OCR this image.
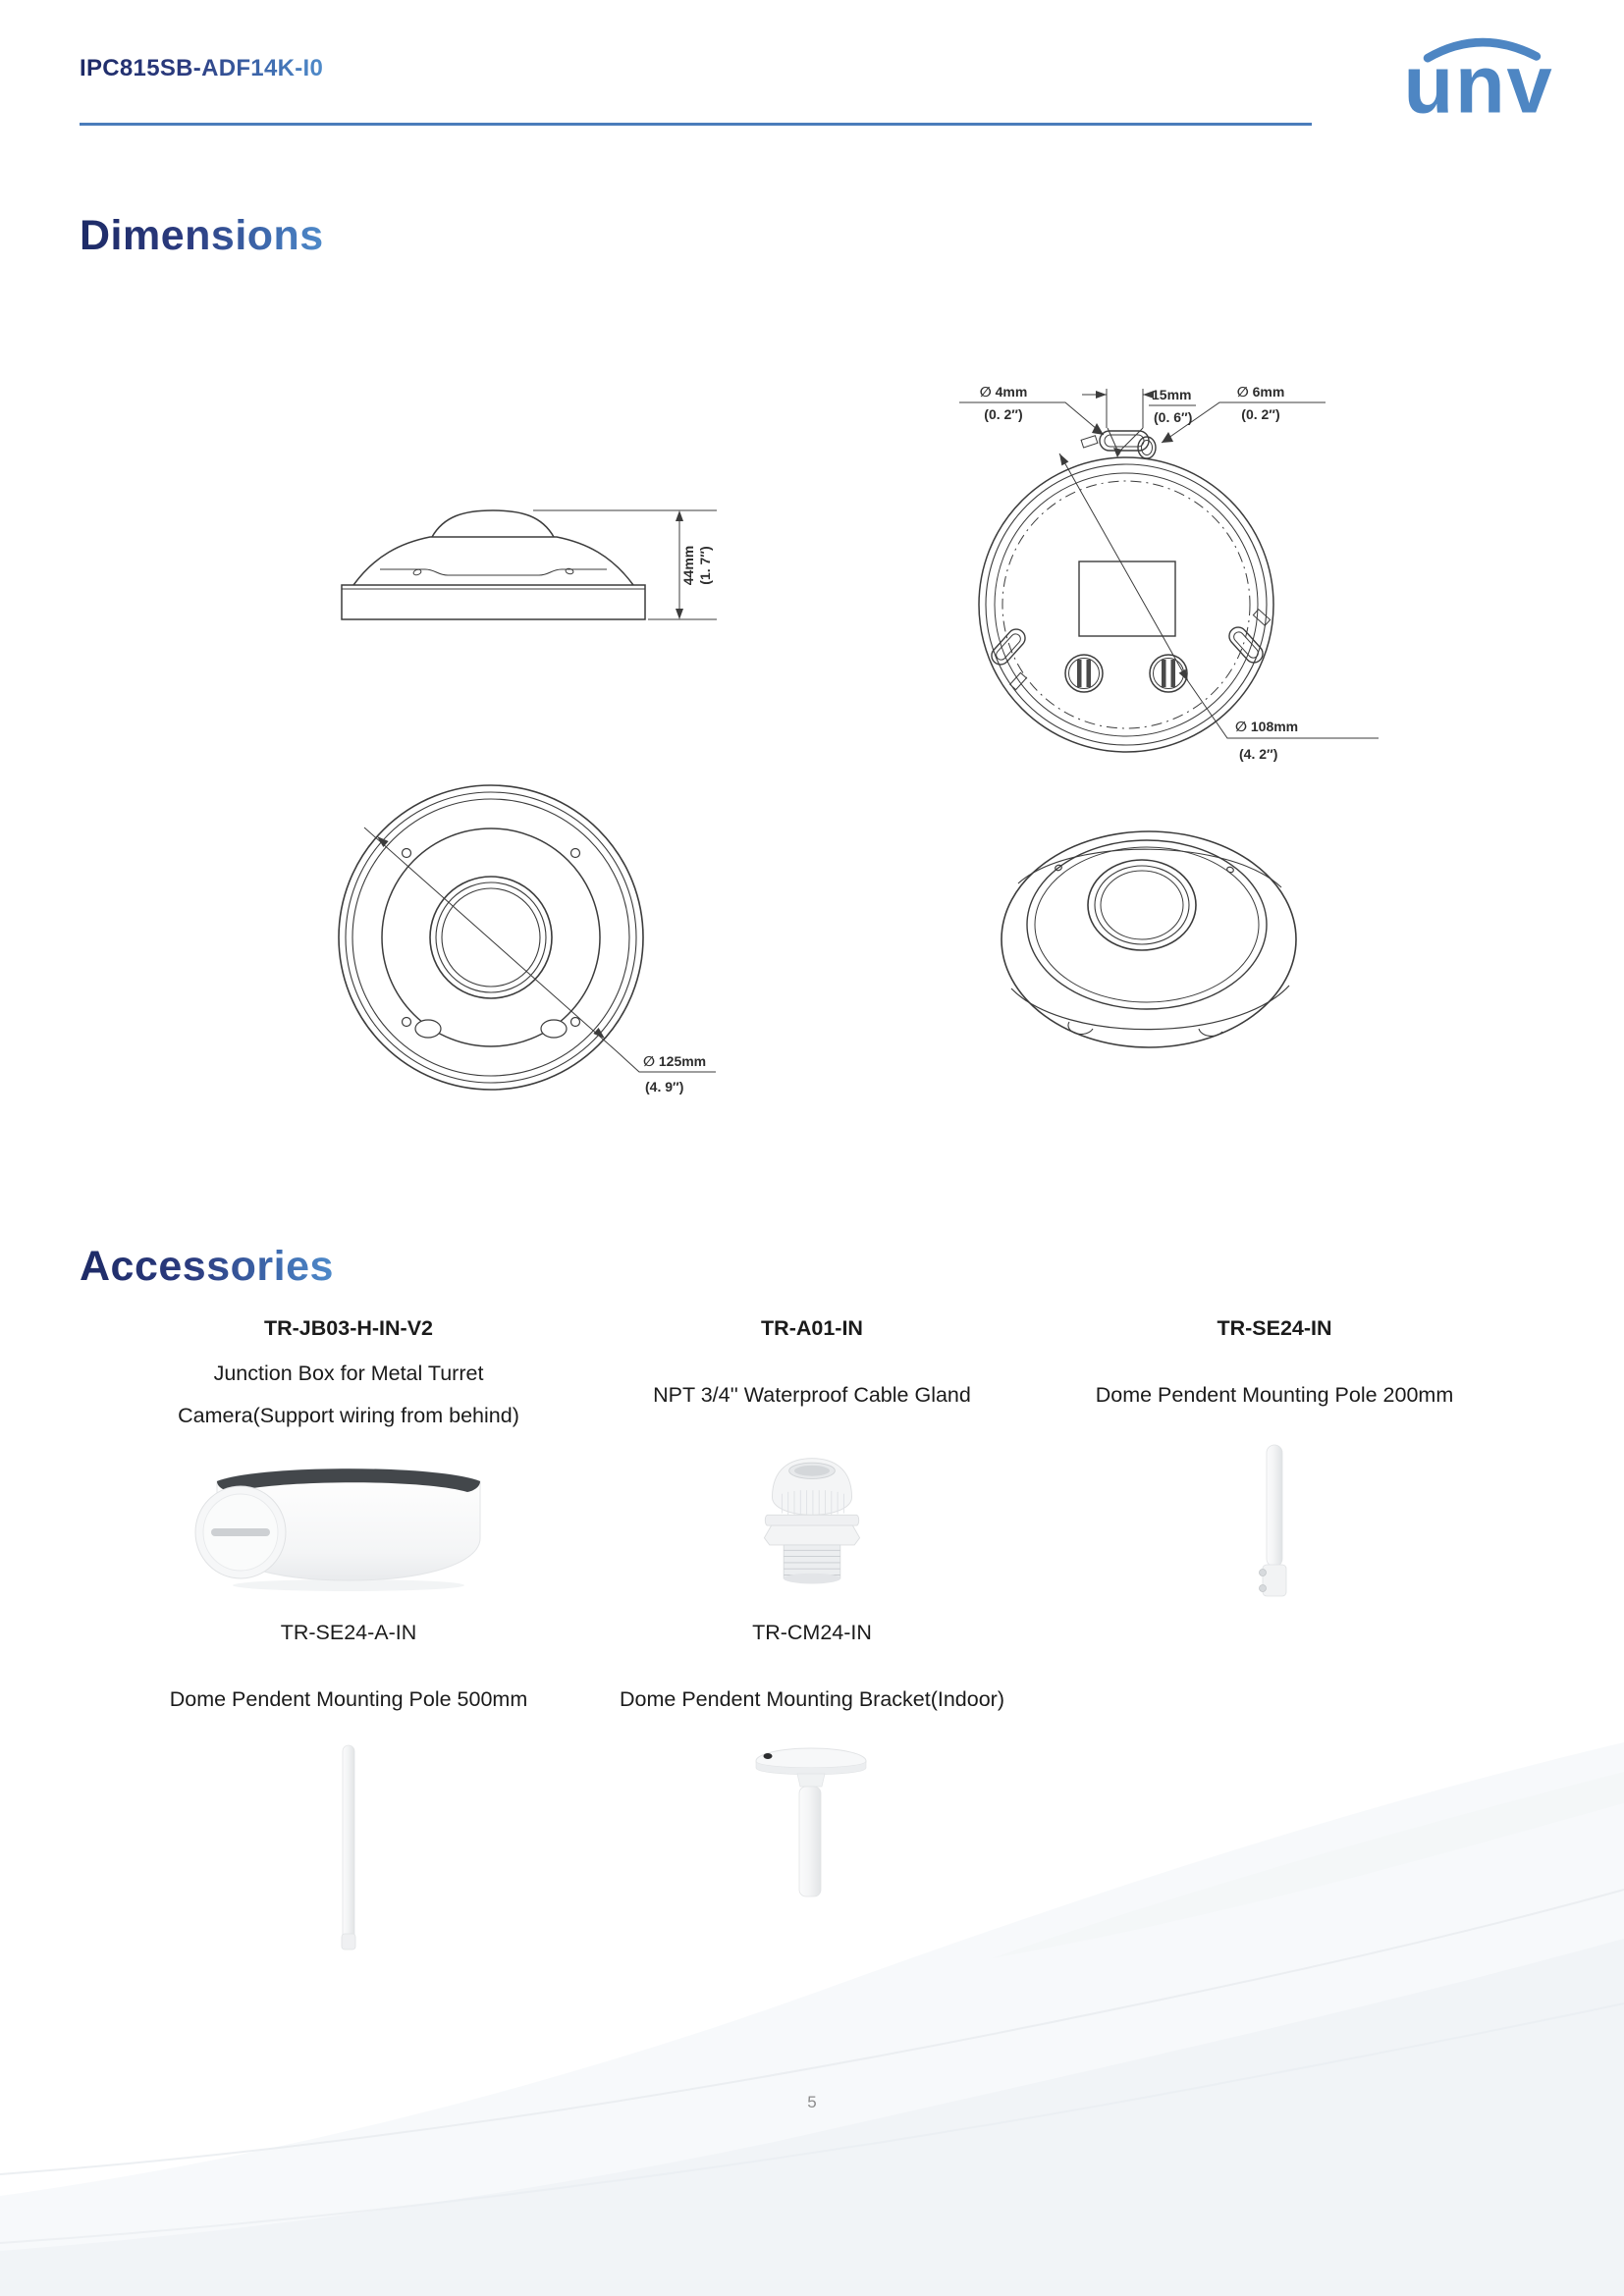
IPC815SB-ADF14K-I0	unv
Dimensions
44mm (1. 7″)
∅ 4mm
(0. 2″)
15mm
(0. 6″)
∅ 6mm
(0. 2″)
∅ 108mm
(4. 2″)
∅ 125mm
(4. 9″)
Accessories
TR-JB03-H-IN-V2
Junction Box for Metal Turret
Camera(Support wiring from behind)
TR-A01-IN
NPT 3/4'' Waterproof Cable Gland
TR-SE24-IN
Dome Pendent Mounting Pole 200mm
TR-SE24-A-IN
Dome Pendent Mounting Pole 500mm
TR-CM24-IN
Dome Pendent Mounting Bracket(Indoor)
5
